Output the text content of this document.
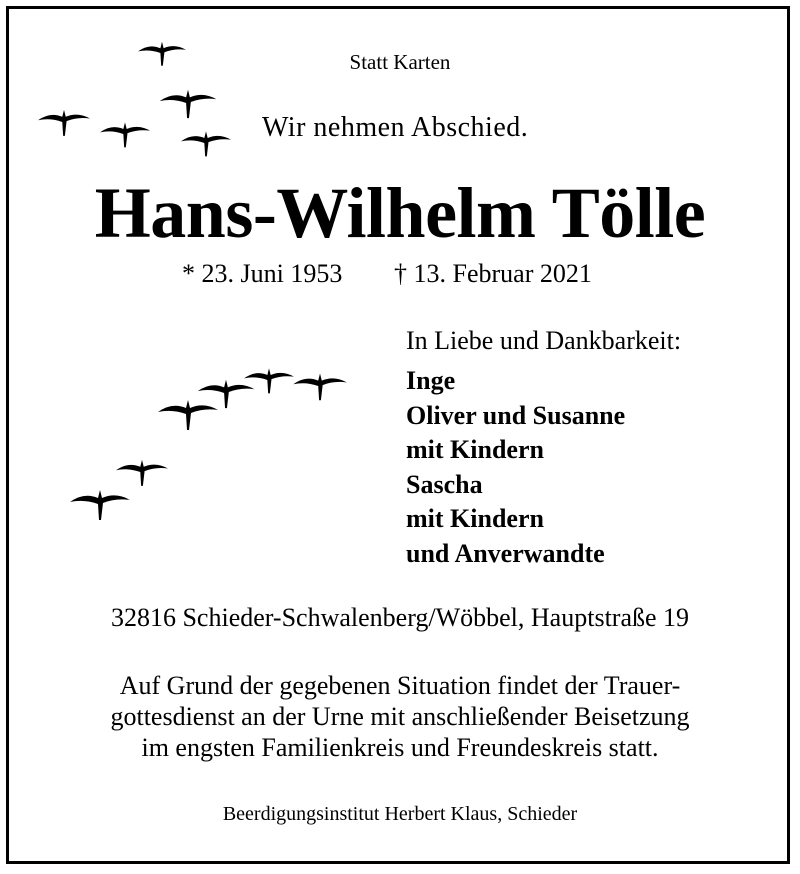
Statt Karten
Wir nehmen Abschied.
Hans-Wilhelm Tölle
* 23. Juni 1953 † 13. Februar 2021
In Liebe und Dankbarkeit:
Inge
Oliver und Susanne
mit Kindern
Sascha
mit Kindern
und Anverwandte
32816 Schieder-Schwalenberg/Wöbbel, Hauptstraße 19
Auf Grund der gegebenen Situation findet der Trauer-
gottesdienst an der Urne mit anschließender Beisetzung
im engsten Familienkreis und Freundeskreis statt.
Beerdigungsinstitut Herbert Klaus, Schieder
